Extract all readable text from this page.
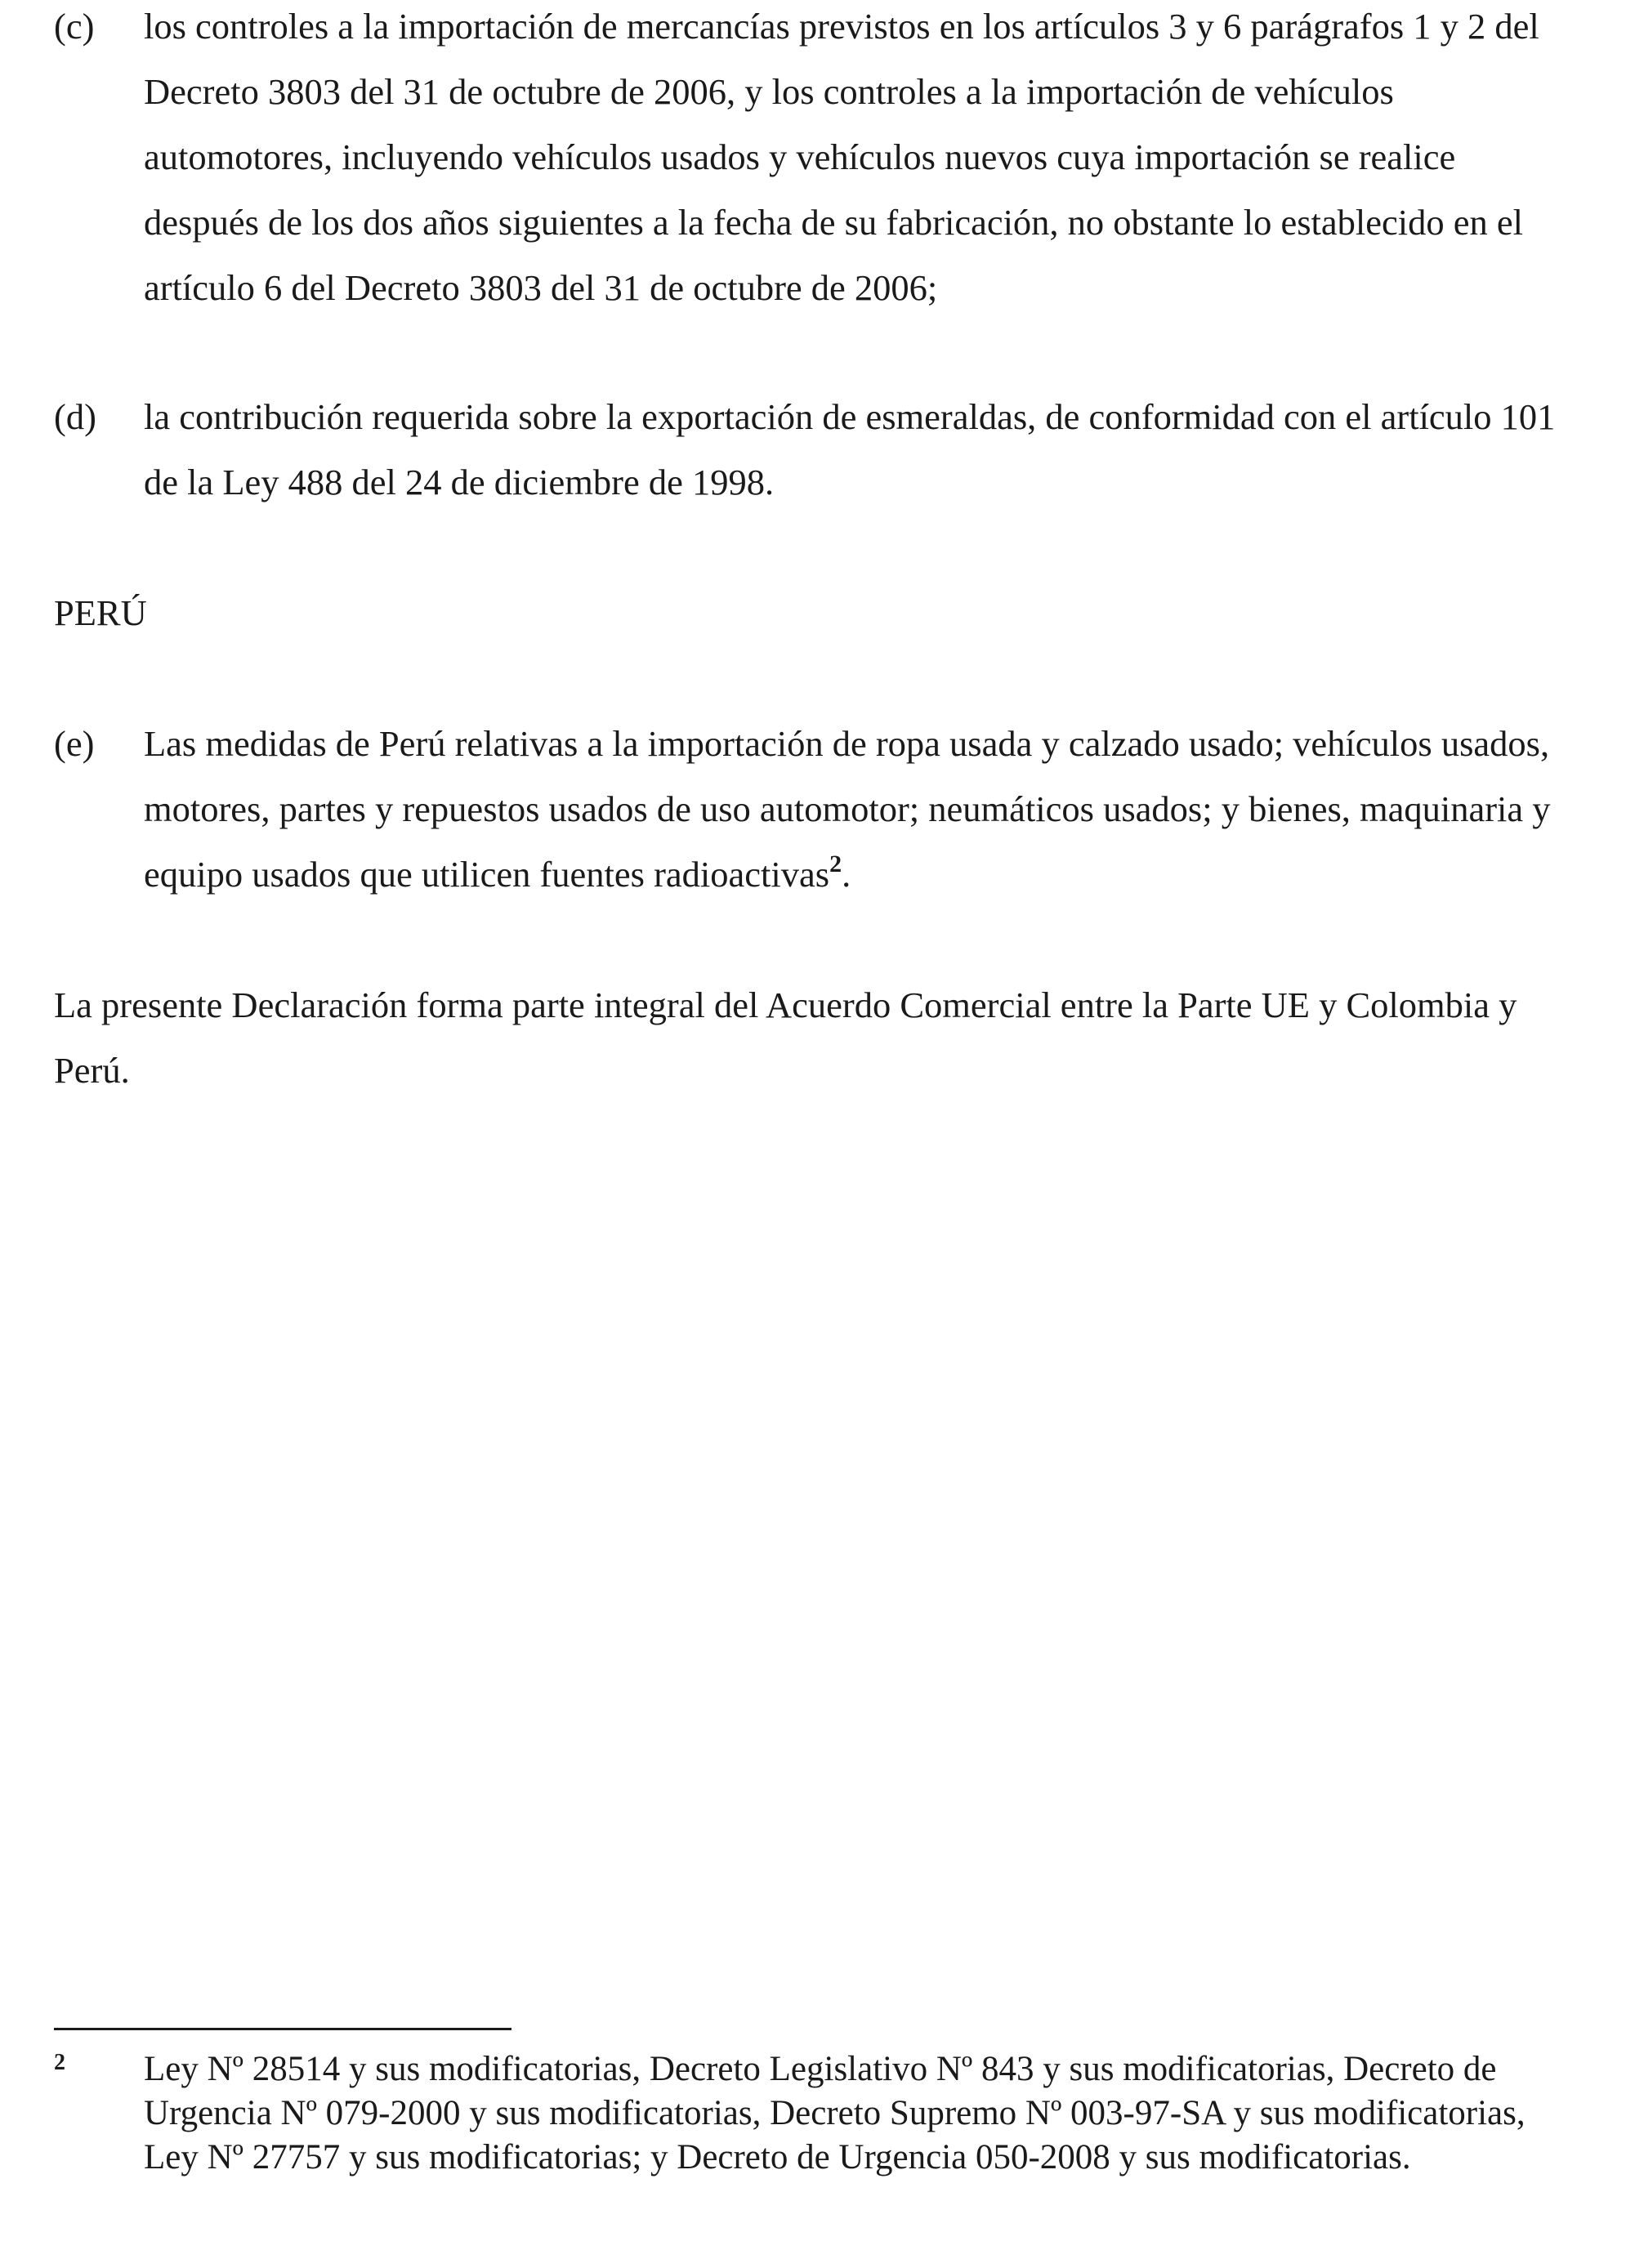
(c) los controles a la importación de mercancías previstos en los artículos 3 y 6 parágrafos 1 y 2 del Decreto 3803 del 31 de octubre de 2006, y los controles a la importación de vehículos automotores, incluyendo vehículos usados y vehículos nuevos cuya importación se realice después de los dos años siguientes a la fecha de su fabricación, no obstante lo establecido en el artículo 6 del Decreto 3803 del 31 de octubre de 2006;
(d) la contribución requerida sobre la exportación de esmeraldas, de conformidad con el artículo 101 de la Ley 488 del 24 de diciembre de 1998.
PERÚ
(e) Las medidas de Perú relativas a la importación de ropa usada y calzado usado; vehículos usados, motores, partes y repuestos usados de uso automotor; neumáticos usados; y bienes, maquinaria y equipo usados que utilicen fuentes radioactivas$^2$.
La presente Declaración forma parte integral del Acuerdo Comercial entre la Parte UE y Colombia y Perú.
2 Ley Nº 28514 y sus modificatorias, Decreto Legislativo Nº 843 y sus modificatorias, Decreto de Urgencia Nº 079-2000 y sus modificatorias, Decreto Supremo Nº 003-97-SA y sus modificatorias, Ley Nº 27757 y sus modificatorias; y Decreto de Urgencia 050-2008 y sus modificatorias.
